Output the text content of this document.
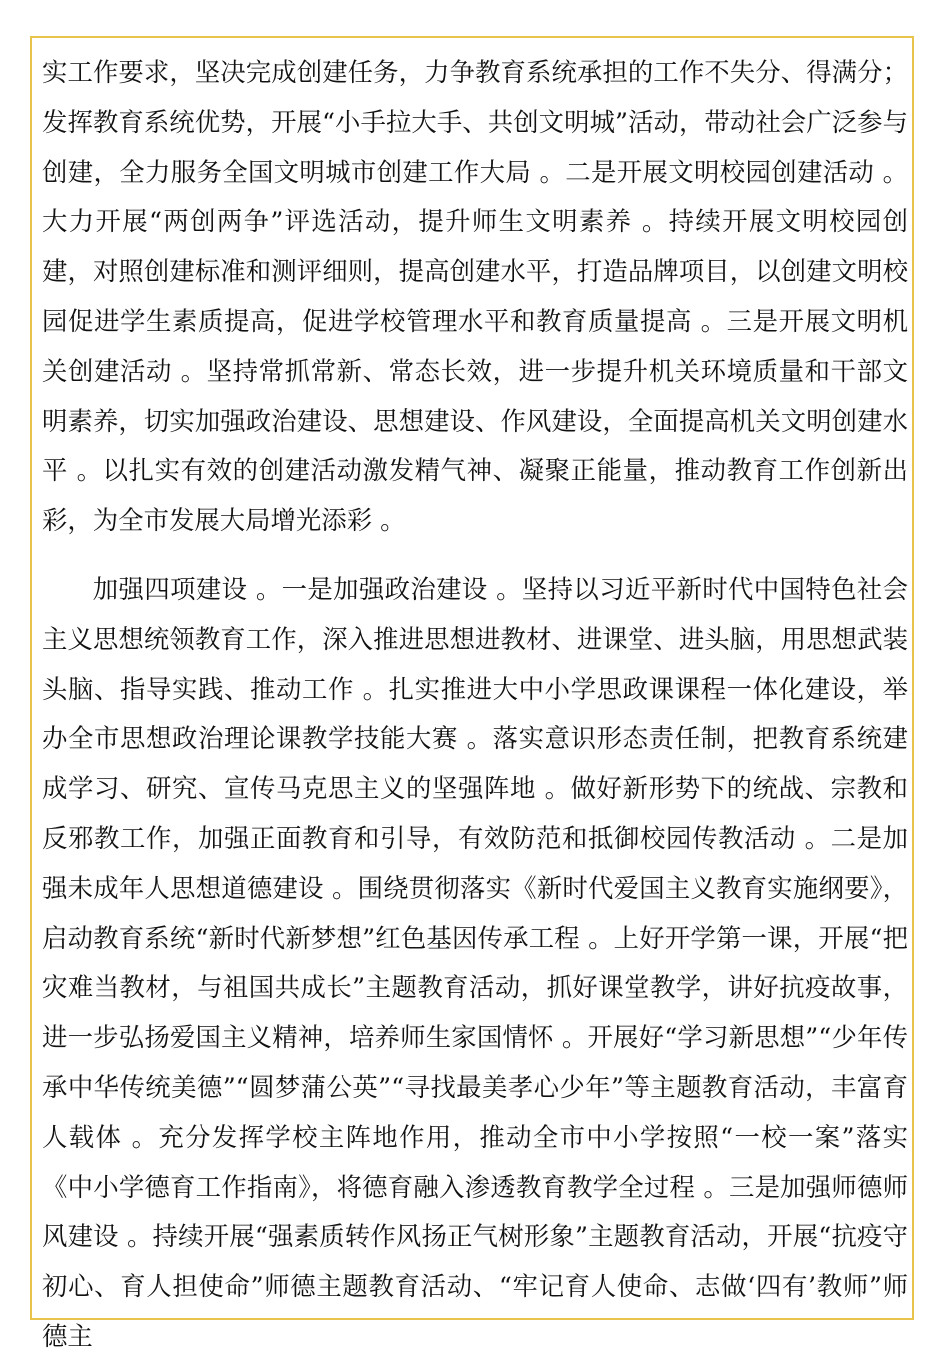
实工作要求，坚决完成创建任务，力争教育系统承担的工作不失分、得满分；发挥教育系统优势，开展“小手拉大手、共创文明城”活动，带动社会广泛参与创建，全力服务全国文明城市创建工作大局 。二是开展文明校园创建活动 。大力开展“两创两争”评选活动，提升师生文明素养 。持续开展文明校园创建，对照创建标准和测评细则，提高创建水平，打造品牌项目，以创建文明校园促进学生素质提高，促进学校管理水平和教育质量提高 。三是开展文明机关创建活动 。坚持常抓常新、常态长效，进一步提升机关环境质量和干部文明素养，切实加强政治建设、思想建设、作风建设，全面提高机关文明创建水平 。以扎实有效的创建活动激发精气神、凝聚正能量，推动教育工作创新出彩，为全市发展大局增光添彩 。

加强四项建设 。一是加强政治建设 。坚持以习近平新时代中国特色社会主义思想统领教育工作，深入推进思想进教材、进课堂、进头脑，用思想武装头脑、指导实践、推动工作 。扎实推进大中小学思政课课程一体化建设，举办全市思想政治理论课教学技能大赛 。落实意识形态责任制，把教育系统建成学习、研究、宣传马克思主义的坚强阵地 。做好新形势下的统战、宗教和反邪教工作，加强正面教育和引导，有效防范和抵御校园传教活动 。二是加强未成年人思想道德建设 。围绕贯彻落实《新时代爱国主义教育实施纲要》，启动教育系统“新时代新梦想”红色基因传承工程 。上好开学第一课，开展“把灾难当教材，与祖国共成长”主题教育活动，抓好课堂教学，讲好抗疫故事，进一步弘扬爱国主义精神，培养师生家国情怀 。开展好“学习新思想”“少年传承中华传统美德”“圆梦蒲公英”“寻找最美孝心少年”等主题教育活动，丰富育人载体 。充分发挥学校主阵地作用，推动全市中小学按照“一校一案”落实《中小学德育工作指南》，将德育融入渗透教育教学全过程 。三是加强师德师风建设 。持续开展“强素质转作风扬正气树形象”主题教育活动，开展“抗疫守初心、育人担使命”师德主题教育活动、“牢记育人使命、志做‘四有’教师”师德主
